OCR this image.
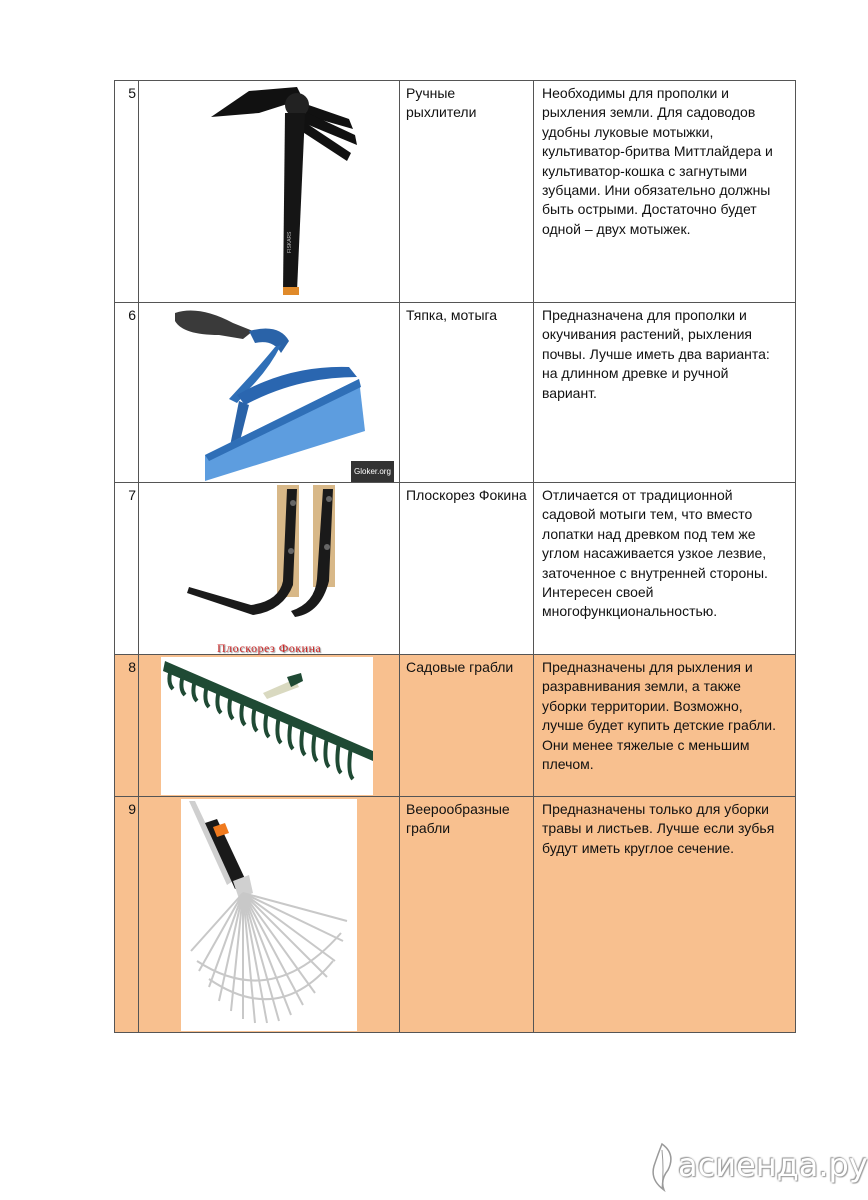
5	FISKARS	Ручные рыхлители	Необходимы для прополки и рыхления земли. Для садоводов удобны луковые мотыжки, культиватор-бритва Миттлайдера и культиватор-кошка с загнутыми зубцами. Ини обязательно должны быть острыми. Достаточно будет одной – двух мотыжек.
6	Gloker.org	Тяпка, мотыга	Предназначена для прополки и окучивания растений, рыхления почвы. Лучше иметь два варианта: на длинном древке и ручной вариант.
7	Плоскорез Фокина	Плоскорез Фокина	Отличается от традиционной садовой мотыги тем, что вместо лопатки над древком под тем же углом насаживается узкое лезвие, заточенное с внутренней стороны. Интересен своей многофункциональностью.
8		Садовые грабли	Предназначены для рыхления и разравнивания земли, а также уборки территории. Возможно, лучше будет купить детские грабли. Они менее тяжелые с меньшим плечом.
9		Веерообразные грабли	Предназначены только для уборки травы и листьев. Лучше если зубья будут иметь круглое сечение.
асиенда.ру
